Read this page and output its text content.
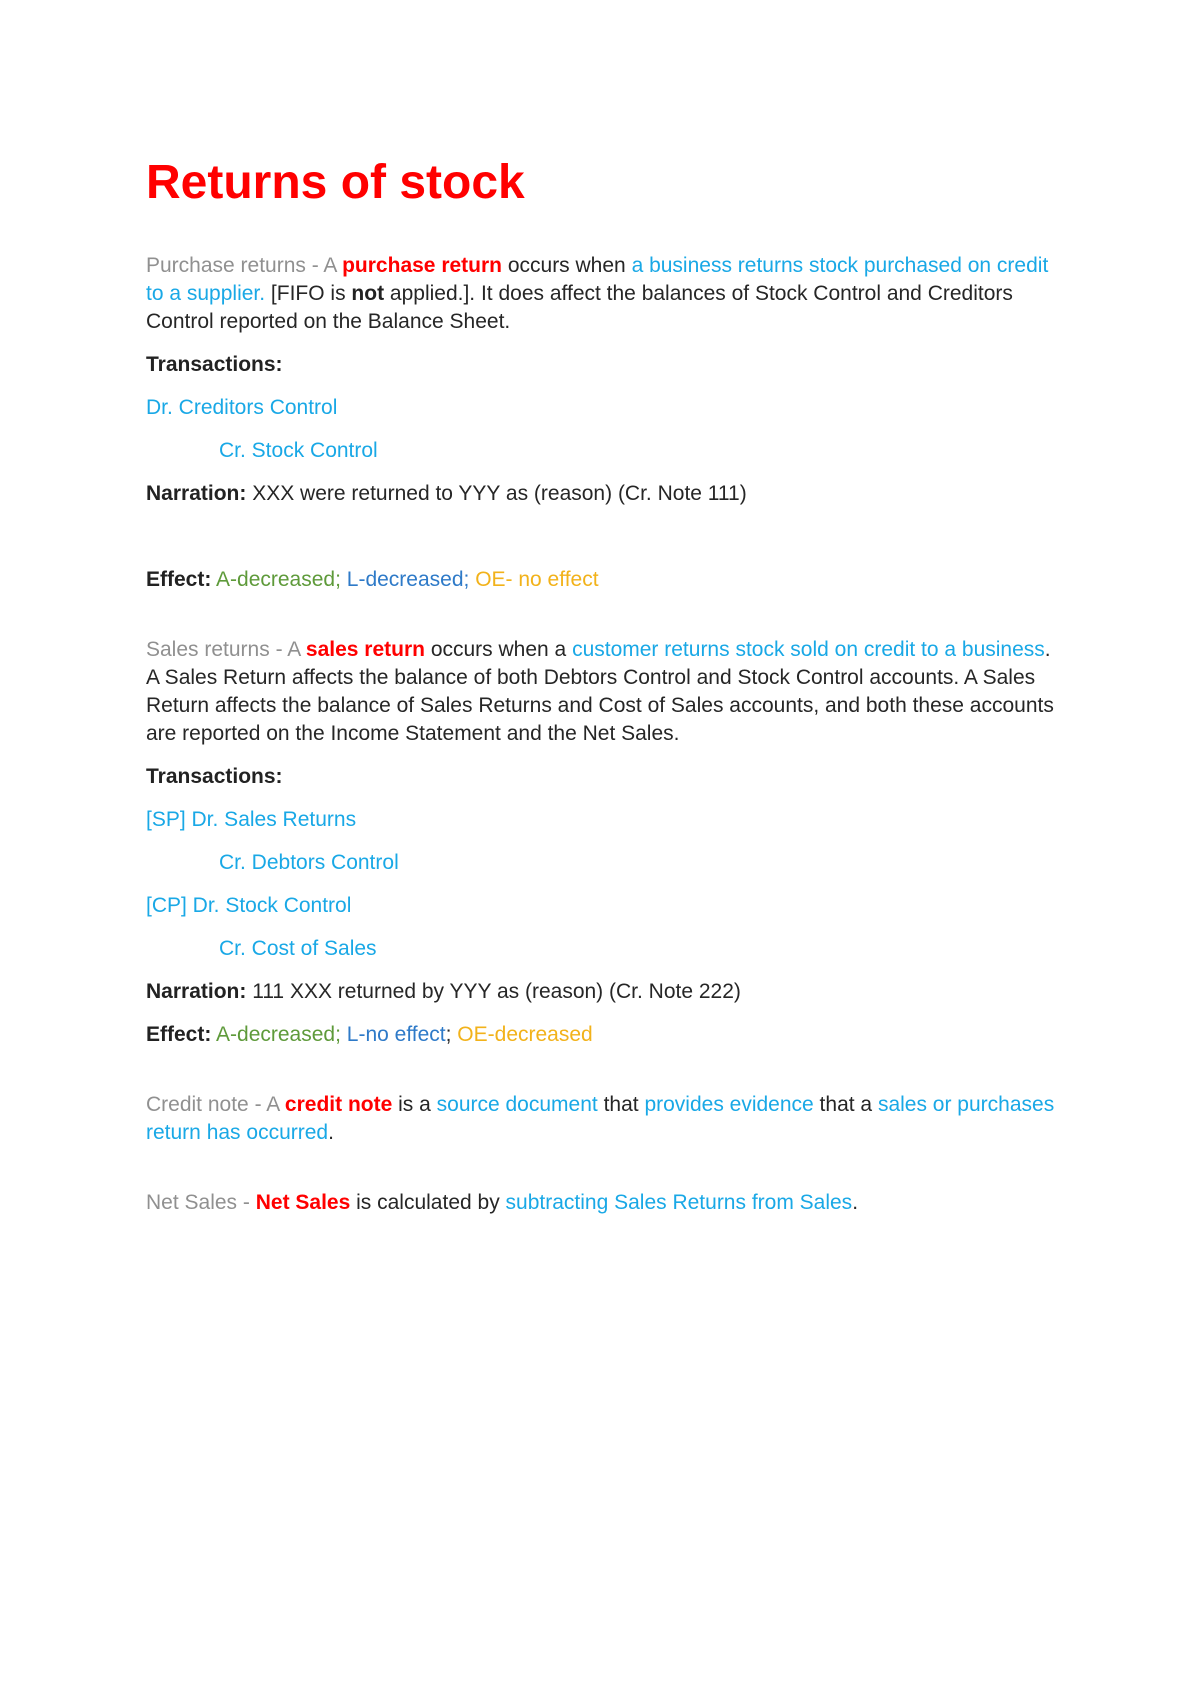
Returns of stock

Purchase returns - A purchase return occurs when a business returns stock purchased on credit to a supplier. [FIFO is not applied.]. It does affect the balances of Stock Control and Creditors Control reported on the Balance Sheet.

Transactions:

Dr. Creditors Control

Cr. Stock Control

Narration: XXX were returned to YYY as (reason) (Cr. Note 111)

Effect: A-decreased; L-decreased; OE- no effect

Sales returns - A sales return occurs when a customer returns stock sold on credit to a business. A Sales Return affects the balance of both Debtors Control and Stock Control accounts. A Sales Return affects the balance of Sales Returns and Cost of Sales accounts, and both these accounts are reported on the Income Statement and the Net Sales.

Transactions:

[SP] Dr. Sales Returns

Cr. Debtors Control

[CP] Dr. Stock Control

Cr. Cost of Sales

Narration: 111 XXX returned by YYY as (reason) (Cr. Note 222)

Effect: A-decreased; L-no effect; OE-decreased

Credit note - A credit note is a source document that provides evidence that a sales or purchases return has occurred.

Net Sales - Net Sales is calculated by subtracting Sales Returns from Sales.
